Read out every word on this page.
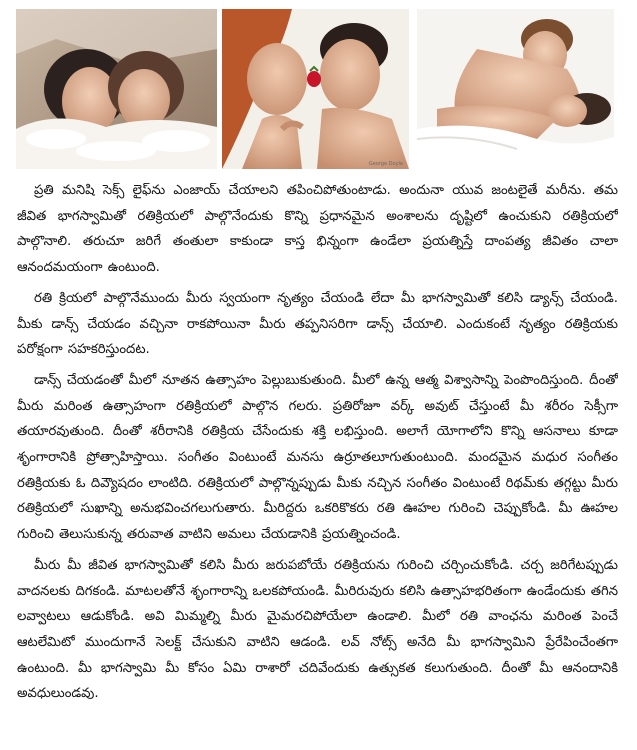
George Doyle

ప్రతి మనిషి సెక్స్ లైఫ్‌ను ఎంజాయ్ చేయాలని తపించిపోతుంటాడు. అందునా యువ జంటలైతే మరీను. తమ జీవిత భాగస్వామితో రతిక్రియలో పాల్గొనేందుకు కొన్ని ప్రధానమైన అంశాలను దృష్టిలో ఉంచుకుని రతిక్రియలో పాల్గొనాలి. తరుచూ జరిగే తంతులా కాకుండా కాస్త భిన్నంగా ఉండేలా ప్రయత్నిస్తే దాంపత్య జీవితం చాలా ఆనందమయంగా ఉంటుంది.

రతి క్రియలో పాల్గొనేముందు మీరు స్వయంగా నృత్యం చేయండి లేదా మీ భాగస్వామితో కలిసి డ్యాన్స్ చేయండి. మీకు డాన్స్ చేయడం వచ్చినా రాకపోయినా మీరు తప్పనిసరిగా డాన్స్ చేయాలి. ఎందుకంటే నృత్యం రతిక్రియకు పరోక్షంగా సహకరిస్తుందట.

డాన్స్ చేయడంతో మీలో నూతన ఉత్సాహం పెల్లుబుకుతుంది. మీలో ఉన్న ఆత్మ విశ్వాసాన్ని పెంపొందిస్తుంది. దీంతో మీరు మరింత ఉత్సాహంగా రతిక్రియలో పాల్గొన గలరు. ప్రతిరోజూ వర్క్ అవుట్ చేస్తుంటే మీ శరీరం సెక్సీగా తయారవుతుంది. దీంతో శరీరానికి రతిక్రియ చేసేందుకు శక్తి లభిస్తుంది. అలాగే యోగాలోని కొన్ని ఆసనాలు కూడా శృంగారానికి ప్రోత్సాహిస్తాయి. సంగీతం వింటుంటే మనసు ఉర్రూతలూగుతుంటుంది. మందమైన మధుర సంగీతం రతిక్రియకు ఓ దివ్యౌషదం లాంటిది. రతిక్రియలో పాల్గొన్నప్పుడు మీకు నచ్చిన సంగీతం వింటుంటే రిథమ్‌కు తగ్గట్టు మీరు రతిక్రియలో సుఖాన్ని అనుభవించగలుగుతారు. మీరిద్దరు ఒకరికొకరు రతి ఊహల గురించి చెప్పుకోండి. మీ ఊహల గురించి తెలుసుకున్న తరువాత వాటిని అమలు చేయడానికి ప్రయత్నించండి.

మీరు మీ జీవిత భాగస్వామితో కలిసి మీరు జరుపబోయే రతిక్రియను గురించి చర్చించుకోండి. చర్చ జరిగేటప్పుడు వాదనలకు దిగకండి. మాటలతోనే శృంగారాన్ని ఒలకపోయండి. మీరిరువురు కలిసి ఉత్సాహభరితంగా ఉండేందుకు తగిన లవ్వాటలు ఆడుకోండి. అవి మిమ్మల్ని మీరు మైమరచిపోయేలా ఉండాలి. మీలో రతి వాంఛను మరింత పెంచే ఆటలేమిటో ముందుగానే సెలక్ట్ చేసుకుని వాటిని ఆడండి. లవ్ నోట్స్ అనేది మీ భాగస్వామిని ప్రేరేపించేంతగా ఉంటుంది. మీ భాగస్వామి మీ కోసం ఏమి రాశారో చదివేందుకు ఉత్సుకత కలుగుతుంది. దీంతో మీ ఆనందానికి అవధులుండవు.
